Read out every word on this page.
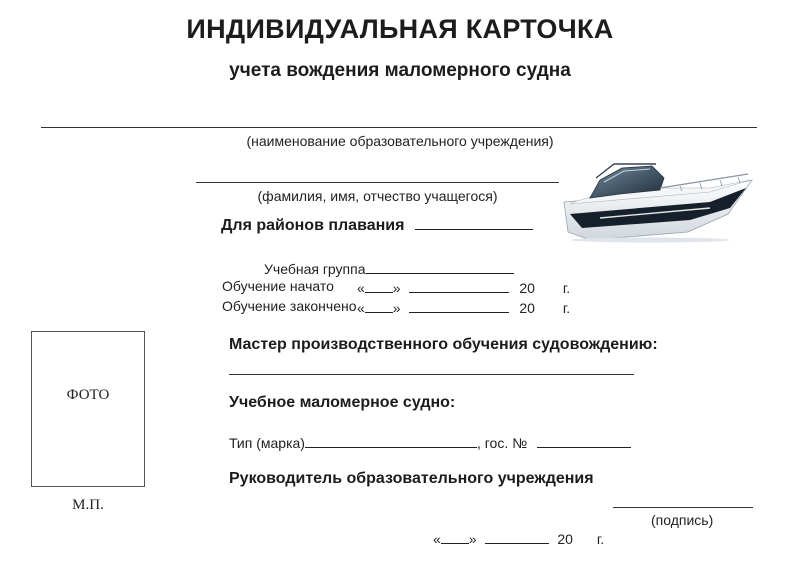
ИНДИВИДУАЛЬНАЯ КАРТОЧКА
учета вождения маломерного судна
(наименование образовательного учреждения)
(фамилия, имя, отчество учащегося)
Для районов плавания
Учебная группа
Обучение начато « »	20 г.
Обучение закончено « »	20 г.
ФОТО
М.П.
Мастер производственного обучения судовождению:
Учебное маломерное судно:
Тип (марка)	, гос. №
Руководитель образовательного учреждения
(подпись)
« »	20 г.
